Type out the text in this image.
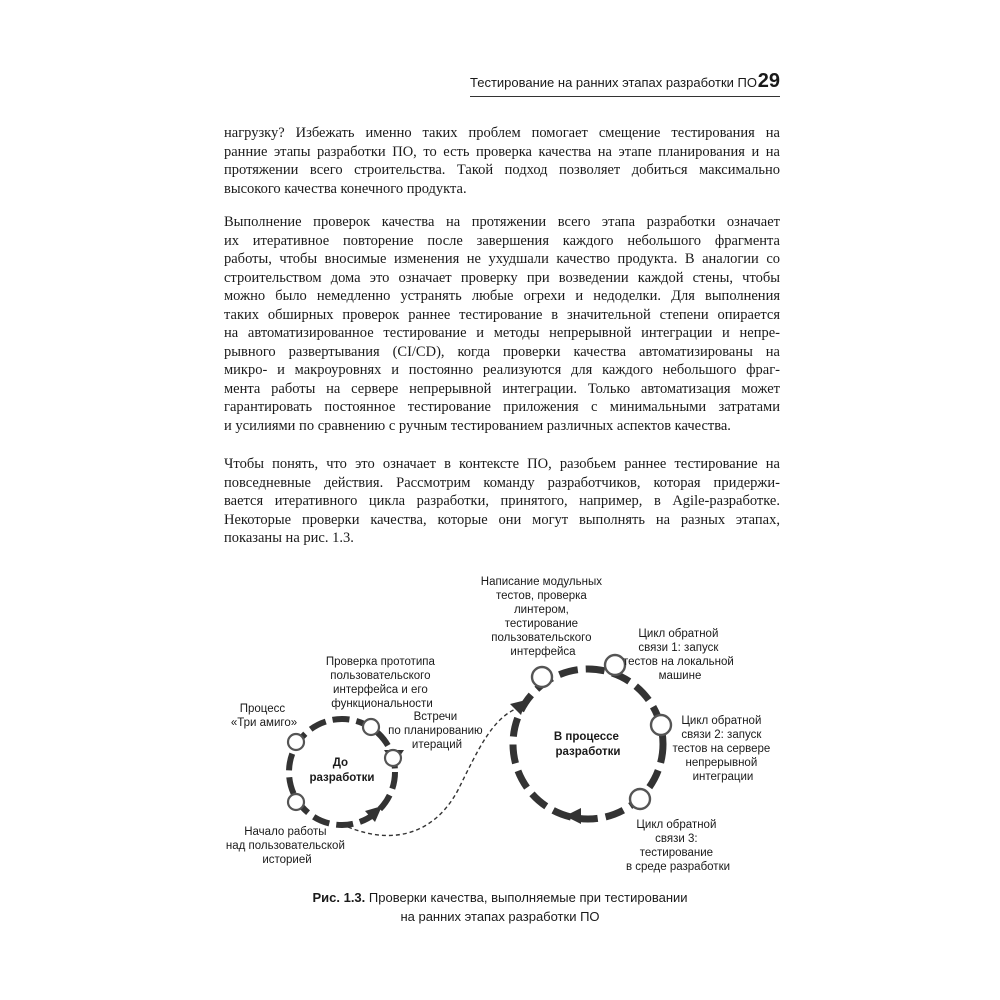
Тестирование на ранних этапах разработки ПО 29

нагрузку? Избежать именно таких проблем помогает смещение тестирования на
ранние этапы разработки ПО, то есть проверка качества на этапе планирования и на
протяжении всего строительства. Такой подход позволяет добиться максимально
высокого качества конечного продукта.

Выполнение проверок качества на протяжении всего этапа разработки означает
их итеративное повторение после завершения каждого небольшого фрагмента
работы, чтобы вносимые изменения не ухудшали качество продукта. В аналогии со
строительством дома это означает проверку при возведении каждой стены, чтобы
можно было немедленно устранять любые огрехи и недоделки. Для выполнения
таких обширных проверок раннее тестирование в значительной степени опирается
на автоматизированное тестирование и методы непрерывной интеграции и непре-
рывного развертывания (CI/CD), когда проверки качества автоматизированы на
микро- и макроуровнях и постоянно реализуются для каждого небольшого фраг-
мента работы на сервере непрерывной интеграции. Только автоматизация может
гарантировать постоянное тестирование приложения с минимальными затратами
и усилиями по сравнению с ручным тестированием различных аспектов качества.

Чтобы понять, что это означает в контексте ПО, разобьем раннее тестирование на
повседневные действия. Рассмотрим команду разработчиков, которая придержи-
вается итеративного цикла разработки, принятого, например, в Agile-разработке.
Некоторые проверки качества, которые они могут выполнять на разных этапах,
показаны на рис. 1.3.

До разработки
В процессе разработки
Проверка прототипа пользовательского интерфейса и его функциональности
Процесс «Три амиго»	Встречи по планированию итераций
Начало работы над пользовательской историей
Написание модульных тестов, проверка линтером, тестирование пользовательского интерфейса
Цикл обратной связи 1: запуск тестов на локальной машине
Цикл обратной связи 2: запуск тестов на сервере непрерывной интеграции
Цикл обратной связи 3: тестирование в среде разработки
Рис. 1.3. Проверки качества, выполняемые при тестировании
на ранних этапах разработки ПО
